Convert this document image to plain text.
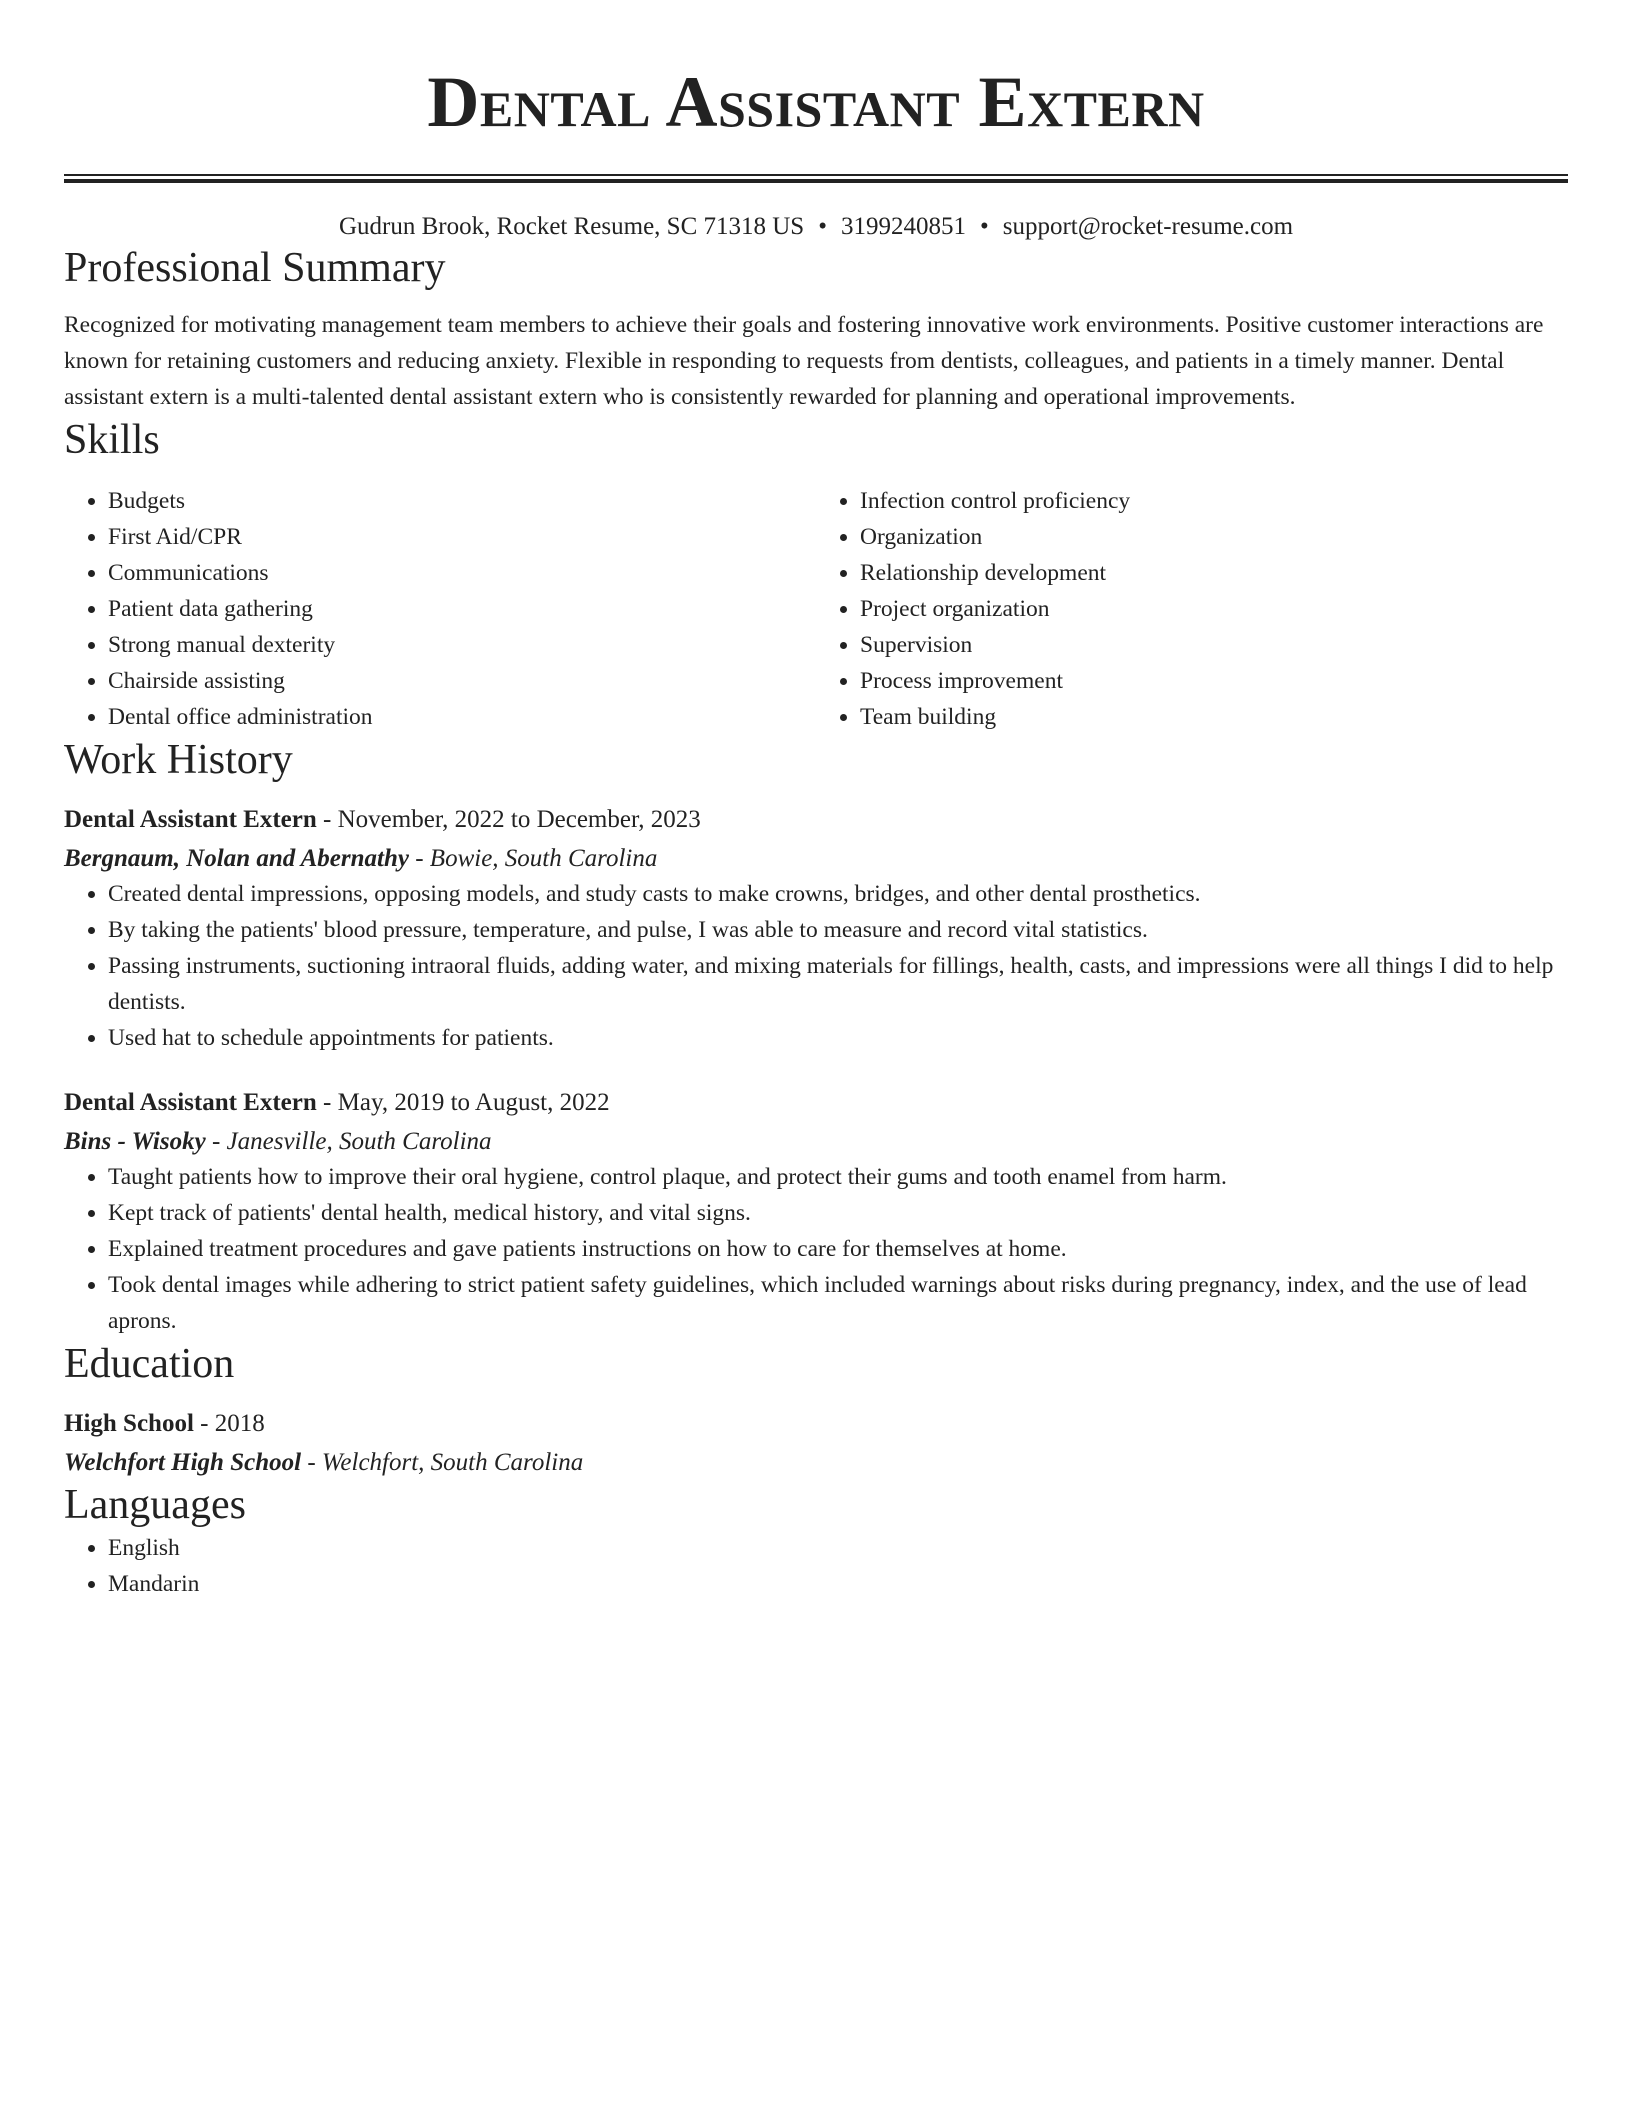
Dental Assistant Extern
Gudrun Brook, Rocket Resume, SC 71318 US • 3199240851 • support@rocket-resume.com
Professional Summary
Recognized for motivating management team members to achieve their goals and fostering innovative work environments. Positive customer interactions are known for retaining customers and reducing anxiety. Flexible in responding to requests from dentists, colleagues, and patients in a timely manner. Dental assistant extern is a multi-talented dental assistant extern who is consistently rewarded for planning and operational improvements.
Skills
• Budgets
• First Aid/CPR
• Communications
• Patient data gathering
• Strong manual dexterity
• Chairside assisting
• Dental office administration
• Infection control proficiency
• Organization
• Relationship development
• Project organization
• Supervision
• Process improvement
• Team building
Work History
Dental Assistant Extern - November, 2022 to December, 2023
Bergnaum, Nolan and Abernathy - Bowie, South Carolina
• Created dental impressions, opposing models, and study casts to make crowns, bridges, and other dental prosthetics.
• By taking the patients' blood pressure, temperature, and pulse, I was able to measure and record vital statistics.
• Passing instruments, suctioning intraoral fluids, adding water, and mixing materials for fillings, health, casts, and impressions were all things I did to help dentists.
• Used hat to schedule appointments for patients.
Dental Assistant Extern - May, 2019 to August, 2022
Bins - Wisoky - Janesville, South Carolina
• Taught patients how to improve their oral hygiene, control plaque, and protect their gums and tooth enamel from harm.
• Kept track of patients' dental health, medical history, and vital signs.
• Explained treatment procedures and gave patients instructions on how to care for themselves at home.
• Took dental images while adhering to strict patient safety guidelines, which included warnings about risks during pregnancy, index, and the use of lead aprons.
Education
High School - 2018
Welchfort High School - Welchfort, South Carolina
Languages
• English
• Mandarin
